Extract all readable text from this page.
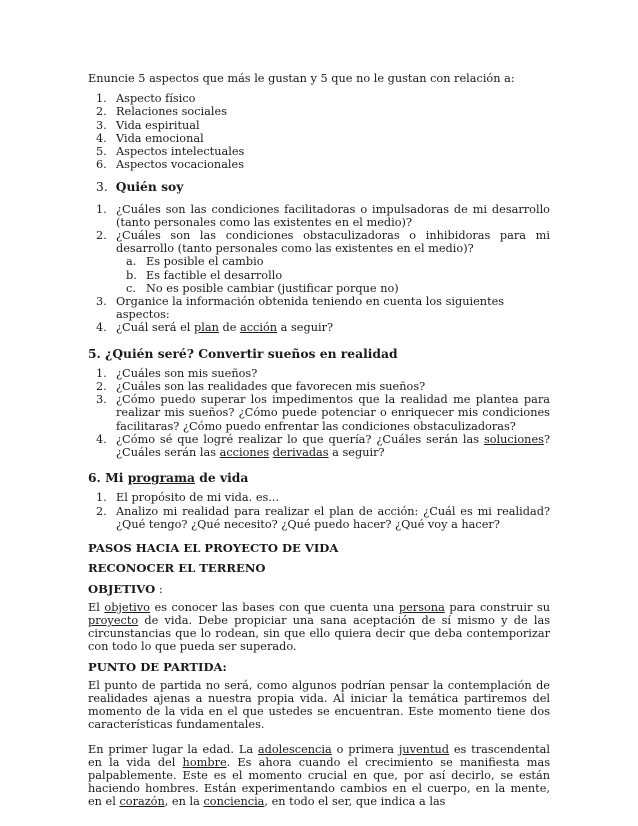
Enuncie 5 aspectos que más le gustan y 5 que no le gustan con relación a:

1. Aspecto físico
2. Relaciones sociales
3. Vida espiritual
4. Vida emocional
5. Aspectos intelectuales
6. Aspectos vocacionales
3. Quién soy
1. ¿Cuáles son las condiciones facilitadoras o impulsadoras de mi desarrollo (tanto personales como las existentes en el medio)?
2. ¿Cuáles son las condiciones obstaculizadoras o inhibidoras para mi desarrollo (tanto personales como las existentes en el medio)?
a. Es posible el cambio
b. Es factible el desarrollo
c. No es posible cambiar (justificar porque no)
3. Organice la información obtenida teniendo en cuenta los siguientes aspectos:
4. ¿Cuál será el plan de acción a seguir?
5. ¿Quién seré? Convertir sueños en realidad
1. ¿Cuáles son mis sueños?
2. ¿Cuáles son las realidades que favorecen mis sueños?
3. ¿Cómo puedo superar los impedimentos que la realidad me plantea para realizar mis sueños? ¿Cómo puede potenciar o enriquecer mis condiciones facilitaras? ¿Cómo puedo enfrentar las condiciones obstaculizadoras?
4. ¿Cómo sé que logré realizar lo que quería? ¿Cuáles serán las soluciones? ¿Cuáles serán las acciones derivadas a seguir?
6. Mi programa de vida
1. El propósito de mi vida. es...
2. Analizo mi realidad para realizar el plan de acción: ¿Cuál es mi realidad? ¿Qué tengo? ¿Qué necesito? ¿Qué puedo hacer? ¿Qué voy a hacer?

PASOS HACIA EL PROYECTO DE VIDA

RECONOCER EL TERRENO

OBJETIVO :

El objetivo es conocer las bases con que cuenta una persona para construir su proyecto de vida. Debe propiciar una sana aceptación de sí mismo y de las circunstancias que lo rodean, sin que ello quiera decir que deba contemporizar con todo lo que pueda ser superado.

PUNTO DE PARTIDA:

El punto de partida no será, como algunos podrían pensar la contemplación de realidades ajenas a nuestra propia vida. Al iniciar la temática partiremos del momento de la vida en el que ustedes se encuentran. Este momento tiene dos características fundamentales.

En primer lugar la edad. La adolescencia o primera juventud es trascendental en la vida del hombre. Es ahora cuando el crecimiento se manifiesta mas palpablemente. Este es el momento crucial en que, por así decirlo, se están haciendo hombres. Están experimentando cambios en el cuerpo, en la mente, en el corazón, en la conciencia, en todo el ser, que indica a las
